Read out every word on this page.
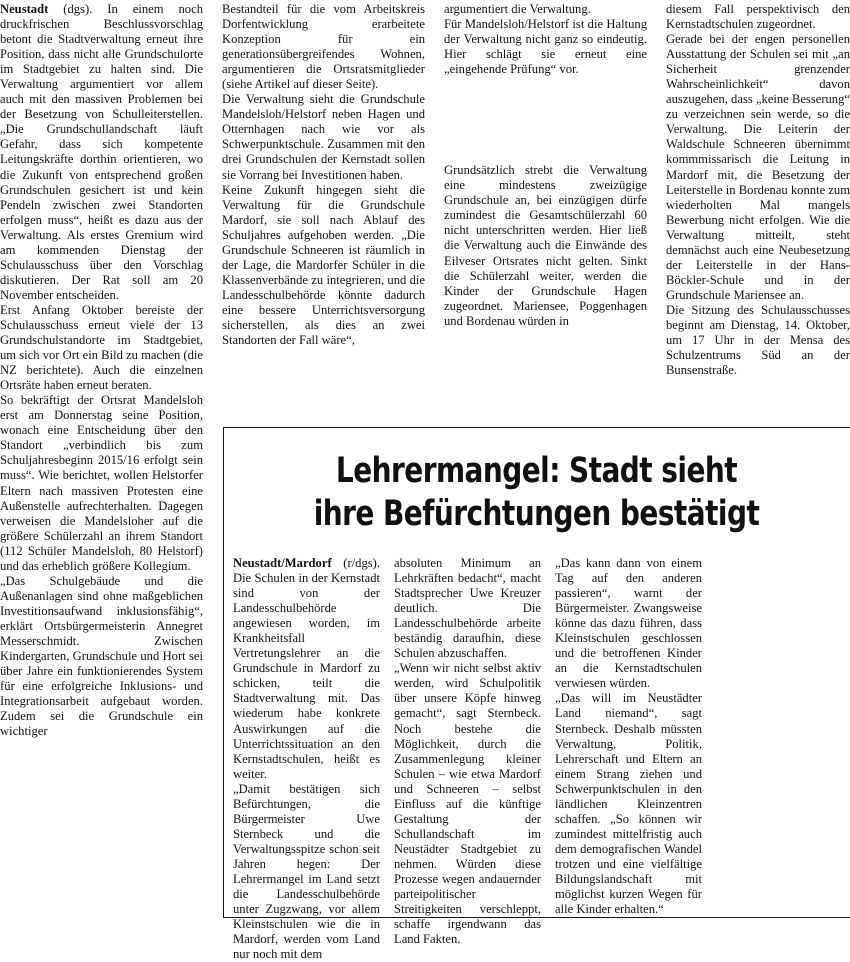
Neustadt (dgs). In einem noch druckfrischen Beschlussvorschlag betont die Stadtverwaltung erneut ihre Position, dass nicht alle Grundschulorte im Stadtgebiet zu halten sind. Die Verwaltung argumentiert vor allem auch mit den massiven Problemen bei der Besetzung von Schulleiterstellen. „Die Grundschullandschaft läuft Gefahr, dass sich kompetente Leitungskräfte dorthin orientieren, wo die Zukunft von entsprechend großen Grundschulen gesichert ist und kein Pendeln zwischen zwei Standorten erfolgen muss“, heißt es dazu aus der Verwaltung. Als erstes Gremium wird am kommenden Dienstag der Schulausschuss über den Vorschlag diskutieren. Der Rat soll am 20 November entscheiden.

Erst Anfang Oktober bereiste der Schulausschuss erneut viele der 13 Grundschulstandorte im Stadtgebiet, um sich vor Ort ein Bild zu machen (die NZ berichtete). Auch die einzelnen Ortsräte haben erneut beraten.

So bekräftigt der Ortsrat Mandelsloh erst am Donnerstag seine Position, wonach eine Entscheidung über den Standort „verbindlich bis zum Schuljahresbeginn 2015/16 erfolgt sein muss“. Wie berichtet, wollen Helstorfer Eltern nach massiven Protesten eine Außenstelle aufrechterhalten. Dagegen verweisen die Mandelsloher auf die größere Schülerzahl an ihrem Standort (112 Schüler Mandelsloh, 80 Helstorf) und das erheblich größere Kollegium.

„Das Schulgebäude und die Außenanlagen sind ohne maßgeblichen Investitionsaufwand inklusionsfähig“, erklärt Ortsbürgermeisterin Annegret Messerschmidt. Zwischen Kindergarten, Grundschule und Hort sei über Jahre ein funktionierendes System für eine erfolgreiche Inklusions- und Integrationsarbeit aufgebaut worden. Zudem sei die Grundschule ein wichtiger

Bestandteil für die vom Arbeitskreis Dorfentwicklung erarbeitete Konzeption für ein generationsübergreifendes Wohnen, argumentieren die Ortsratsmitglieder (siehe Artikel auf dieser Seite).

Die Verwaltung sieht die Grundschule Mandelsloh/Helstorf neben Hagen und Otternhagen nach wie vor als Schwerpunktschule. Zusammen mit den drei Grundschulen der Kernstadt sollen sie Vorrang bei Investitionen haben.

Keine Zukunft hingegen sieht die Verwaltung für die Grundschule Mardorf, sie soll nach Ablauf des Schuljahres aufgehoben werden. „Die Grundschule Schneeren ist räumlich in der Lage, die Mardorfer Schüler in die Klassenverbände zu integrieren, und die Landesschulbehörde könnte dadurch eine bessere Unterrichtsversorgung sicherstellen, als dies an zwei Standorten der Fall wäre“,

argumentiert die Verwaltung.

Für Mandelsloh/Helstorf ist die Haltung der Verwaltung nicht ganz so eindeutig. Hier schlägt sie erneut eine „eingehende Prüfung“ vor.

Grundsätzlich strebt die Verwaltung eine mindestens zweizügige Grundschule an, bei einzügigen dürfe zumindest die Gesamtschülerzahl 60 nicht unterschritten werden. Hier ließ die Verwaltung auch die Einwände des Eilveser Ortsrates nicht gelten. Sinkt die Schülerzahl weiter, werden die Kinder der Grundschule Hagen zugeordnet. Mariensee, Poggenhagen und Bordenau würden in

diesem Fall perspektivisch den Kernstadtschulen zugeordnet.

Gerade bei der engen personellen Ausstattung der Schulen sei mit „an Sicherheit grenzender Wahrscheinlichkeit“ davon auszugehen, dass „keine Besserung“ zu verzeichnen sein werde, so die Verwaltung. Die Leiterin der Waldschule Schneeren übernimmt kommmissarisch die Leitung in Mardorf mit, die Besetzung der Leiterstelle in Bordenau konnte zum wiederholten Mal mangels Bewerbung nicht erfolgen. Wie die Verwaltung mitteilt, steht demnächst auch eine Neubesetzung der Leiterstelle in der Hans-Böckler-Schule und in der Grundschule Mariensee an.

Die Sitzung des Schulausschusses beginnt am Dienstag, 14. Oktober, um 17 Uhr in der Mensa des Schulzentrums Süd an der Bunsenstraße.

Lehrermangel: Stadt sieht
ihre Befürchtungen bestätigt

Neustadt/Mardorf (r/dgs). Die Schulen in der Kernstadt sind von der Landesschulbehörde angewiesen worden, im Krankheitsfall Vertretungslehrer an die Grundschule in Mardorf zu schicken, teilt die Stadtverwaltung mit. Das wiederum habe konkrete Auswirkungen auf die Unterrichtssituation an den Kernstadtschulen, heißt es weiter.

„Damit bestätigen sich Befürchtungen, die Bürgermeister Uwe Sternbeck und die Verwaltungsspitze schon seit Jahren hegen: Der Lehrermangel im Land setzt die Landesschulbehörde unter Zugzwang, vor allem Kleinstschulen wie die in Mardorf, werden vom Land nur noch mit dem

absoluten Minimum an Lehrkräften bedacht“, macht Stadtsprecher Uwe Kreuzer deutlich. Die Landesschulbehörde arbeite beständig daraufhin, diese Schulen abzuschaffen.

„Wenn wir nicht selbst aktiv werden, wird Schulpolitik über unsere Köpfe hinweg gemacht“, sagt Sternbeck. Noch bestehe die Möglichkeit, durch die Zusammenlegung kleiner Schulen – wie etwa Mardorf und Schneeren – selbst Einfluss auf die künftige Gestaltung der Schullandschaft im Neustädter Stadtgebiet zu nehmen. Würden diese Prozesse wegen andauernder parteipolitischer Streitigkeiten verschleppt, schaffe irgendwann das Land Fakten.

„Das kann dann von einem Tag auf den anderen passieren“, warnt der Bürgermeister. Zwangsweise könne das dazu führen, dass Kleinstschulen geschlossen und die betroffenen Kinder an die Kernstadtschulen verwiesen würden.

„Das will im Neustädter Land niemand“, sagt Sternbeck. Deshalb müssten Verwaltung, Politik, Lehrerschaft und Eltern an einem Strang ziehen und Schwerpunktschulen in den ländlichen Kleinzentren schaffen. „So können wir zumindest mittelfristig auch dem demografischen Wandel trotzen und eine vielfältige Bildungslandschaft mit möglichst kurzen Wegen für alle Kinder erhalten.“
